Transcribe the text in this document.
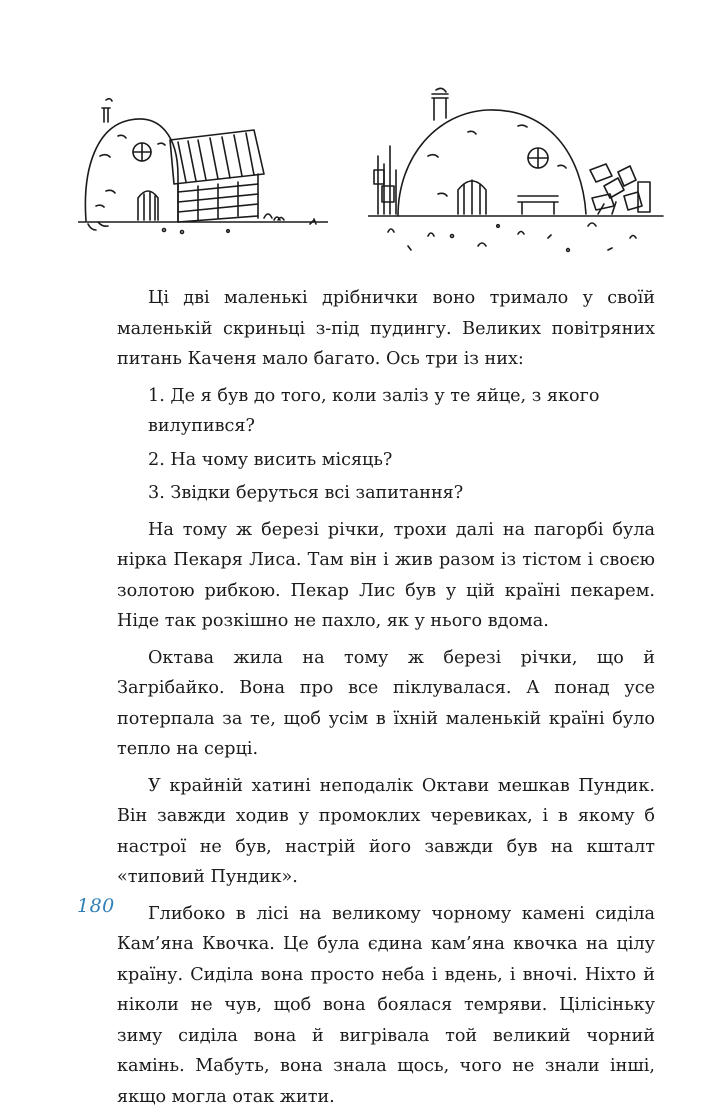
Ці дві маленькі дрібнички воно тримало у своїй маленькій скриньці з-під пудингу. Великих повітряних питань Каченя мало багато. Ось три із них:

1. Де я був до того, коли заліз у те яйце, з якого вилупився?
2. На чому висить місяць?
3. Звідки беруться всі запитання?

На тому ж березі річки, трохи далі на пагорбі була нірка Пекаря Лиса. Там він і жив разом із тістом і своєю золотою рибкою. Пекар Лис був у цій країні пекарем. Ніде так розкішно не пахло, як у нього вдома.

Октава жила на тому ж березі річки, що й Загрібайко. Вона про все піклувалася. А понад усе потерпала за те, щоб усім в їхній маленькій країні було тепло на серці.

У крайній хатині неподалік Октави мешкав Пундик. Він завжди ходив у промоклих черевиках, і в якому б настрої не був, настрій його завжди був на кшталт «типовий Пундик».

Глибоко в лісі на великому чорному камені сиділа Кам’яна Квочка. Це була єдина кам’яна квочка на цілу країну. Сиділа вона просто неба і вдень, і вночі. Ніхто й ніколи не чув, щоб вона боялася темряви. Цілісіньку зиму сиділа вона й вигрівала той великий чорний камінь. Мабуть, вона знала щось, чого не знали інші, якщо могла отак жити.

180
